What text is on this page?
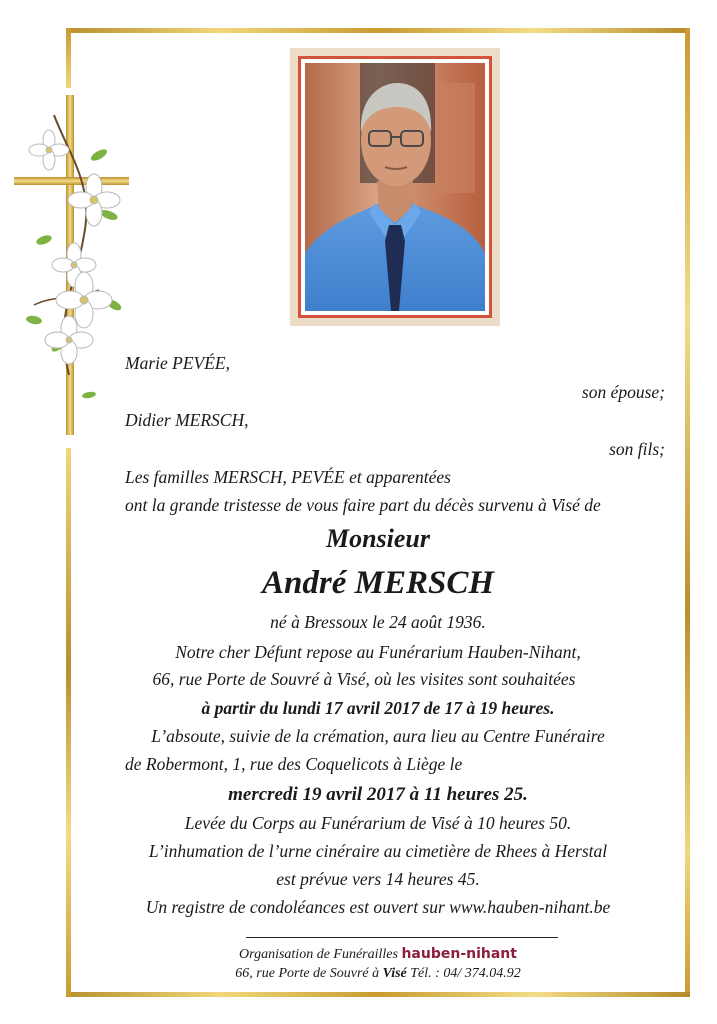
Marie PEVÉE,
son épouse;
Didier MERSCH,
son fils;
Les familles MERSCH, PEVÉE et apparentées
ont la grande tristesse de vous faire part du décès survenu à Visé de
Monsieur
André MERSCH
né à Bressoux le 24 août 1936.
Notre cher Défunt repose au Funérarium Hauben-Nihant,
66, rue Porte de Souvré à Visé, où les visites sont souhaitées
à partir du lundi 17 avril 2017 de 17 à 19 heures.
L’absoute, suivie de la crémation, aura lieu au Centre Funéraire
de Robermont, 1, rue des Coquelicots à Liège le
mercredi 19 avril 2017 à 11 heures 25.
Levée du Corps au Funérarium de Visé à 10 heures 50.
L’inhumation de l’urne cinéraire au cimetière de Rhees à Herstal
est prévue vers 14 heures 45.
Un registre de condoléances est ouvert sur www.hauben-nihant.be
Organisation de Funérailles hauben-nihant
66, rue Porte de Souvré à Visé Tél. : 04/ 374.04.92
